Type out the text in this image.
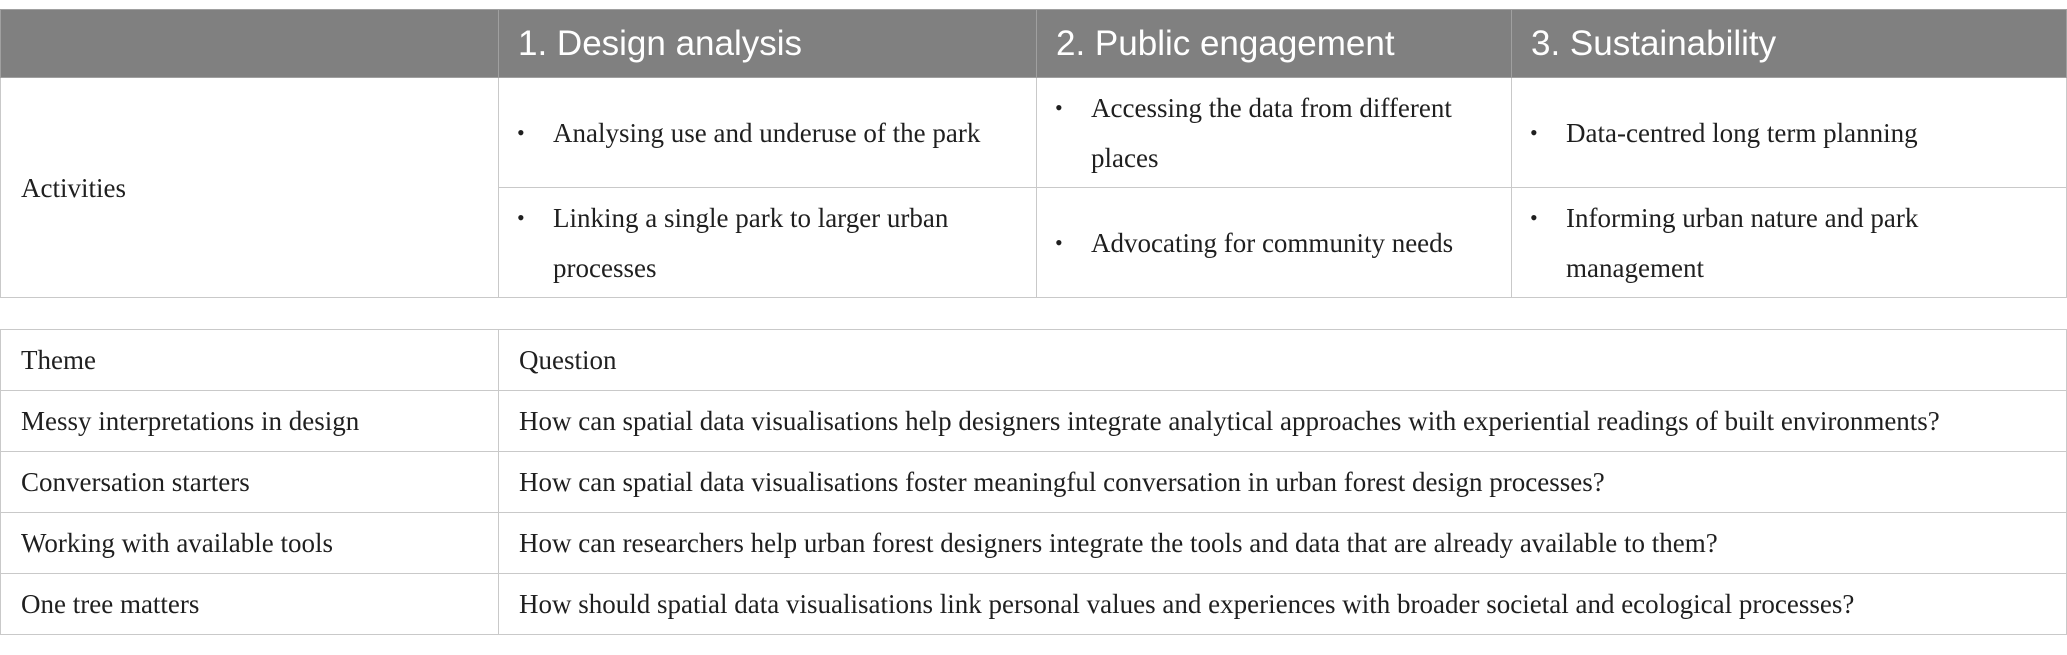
	1. Design analysis	2. Public engagement	3. Sustainability
Activities	• Analysing use and underuse of the park	• Accessing the data from different places	• Data-centred long term planning

	• Linking a single park to larger urban processes	• Advocating for community needs	• Informing urban nature and park management
Theme	Question
Messy interpretations in design	How can spatial data visualisations help designers integrate analytical approaches with experiential readings of built environments?
Conversation starters	How can spatial data visualisations foster meaningful conversation in urban forest design processes?
Working with available tools	How can researchers help urban forest designers integrate the tools and data that are already available to them?
One tree matters	How should spatial data visualisations link personal values and experiences with broader societal and ecological processes?
